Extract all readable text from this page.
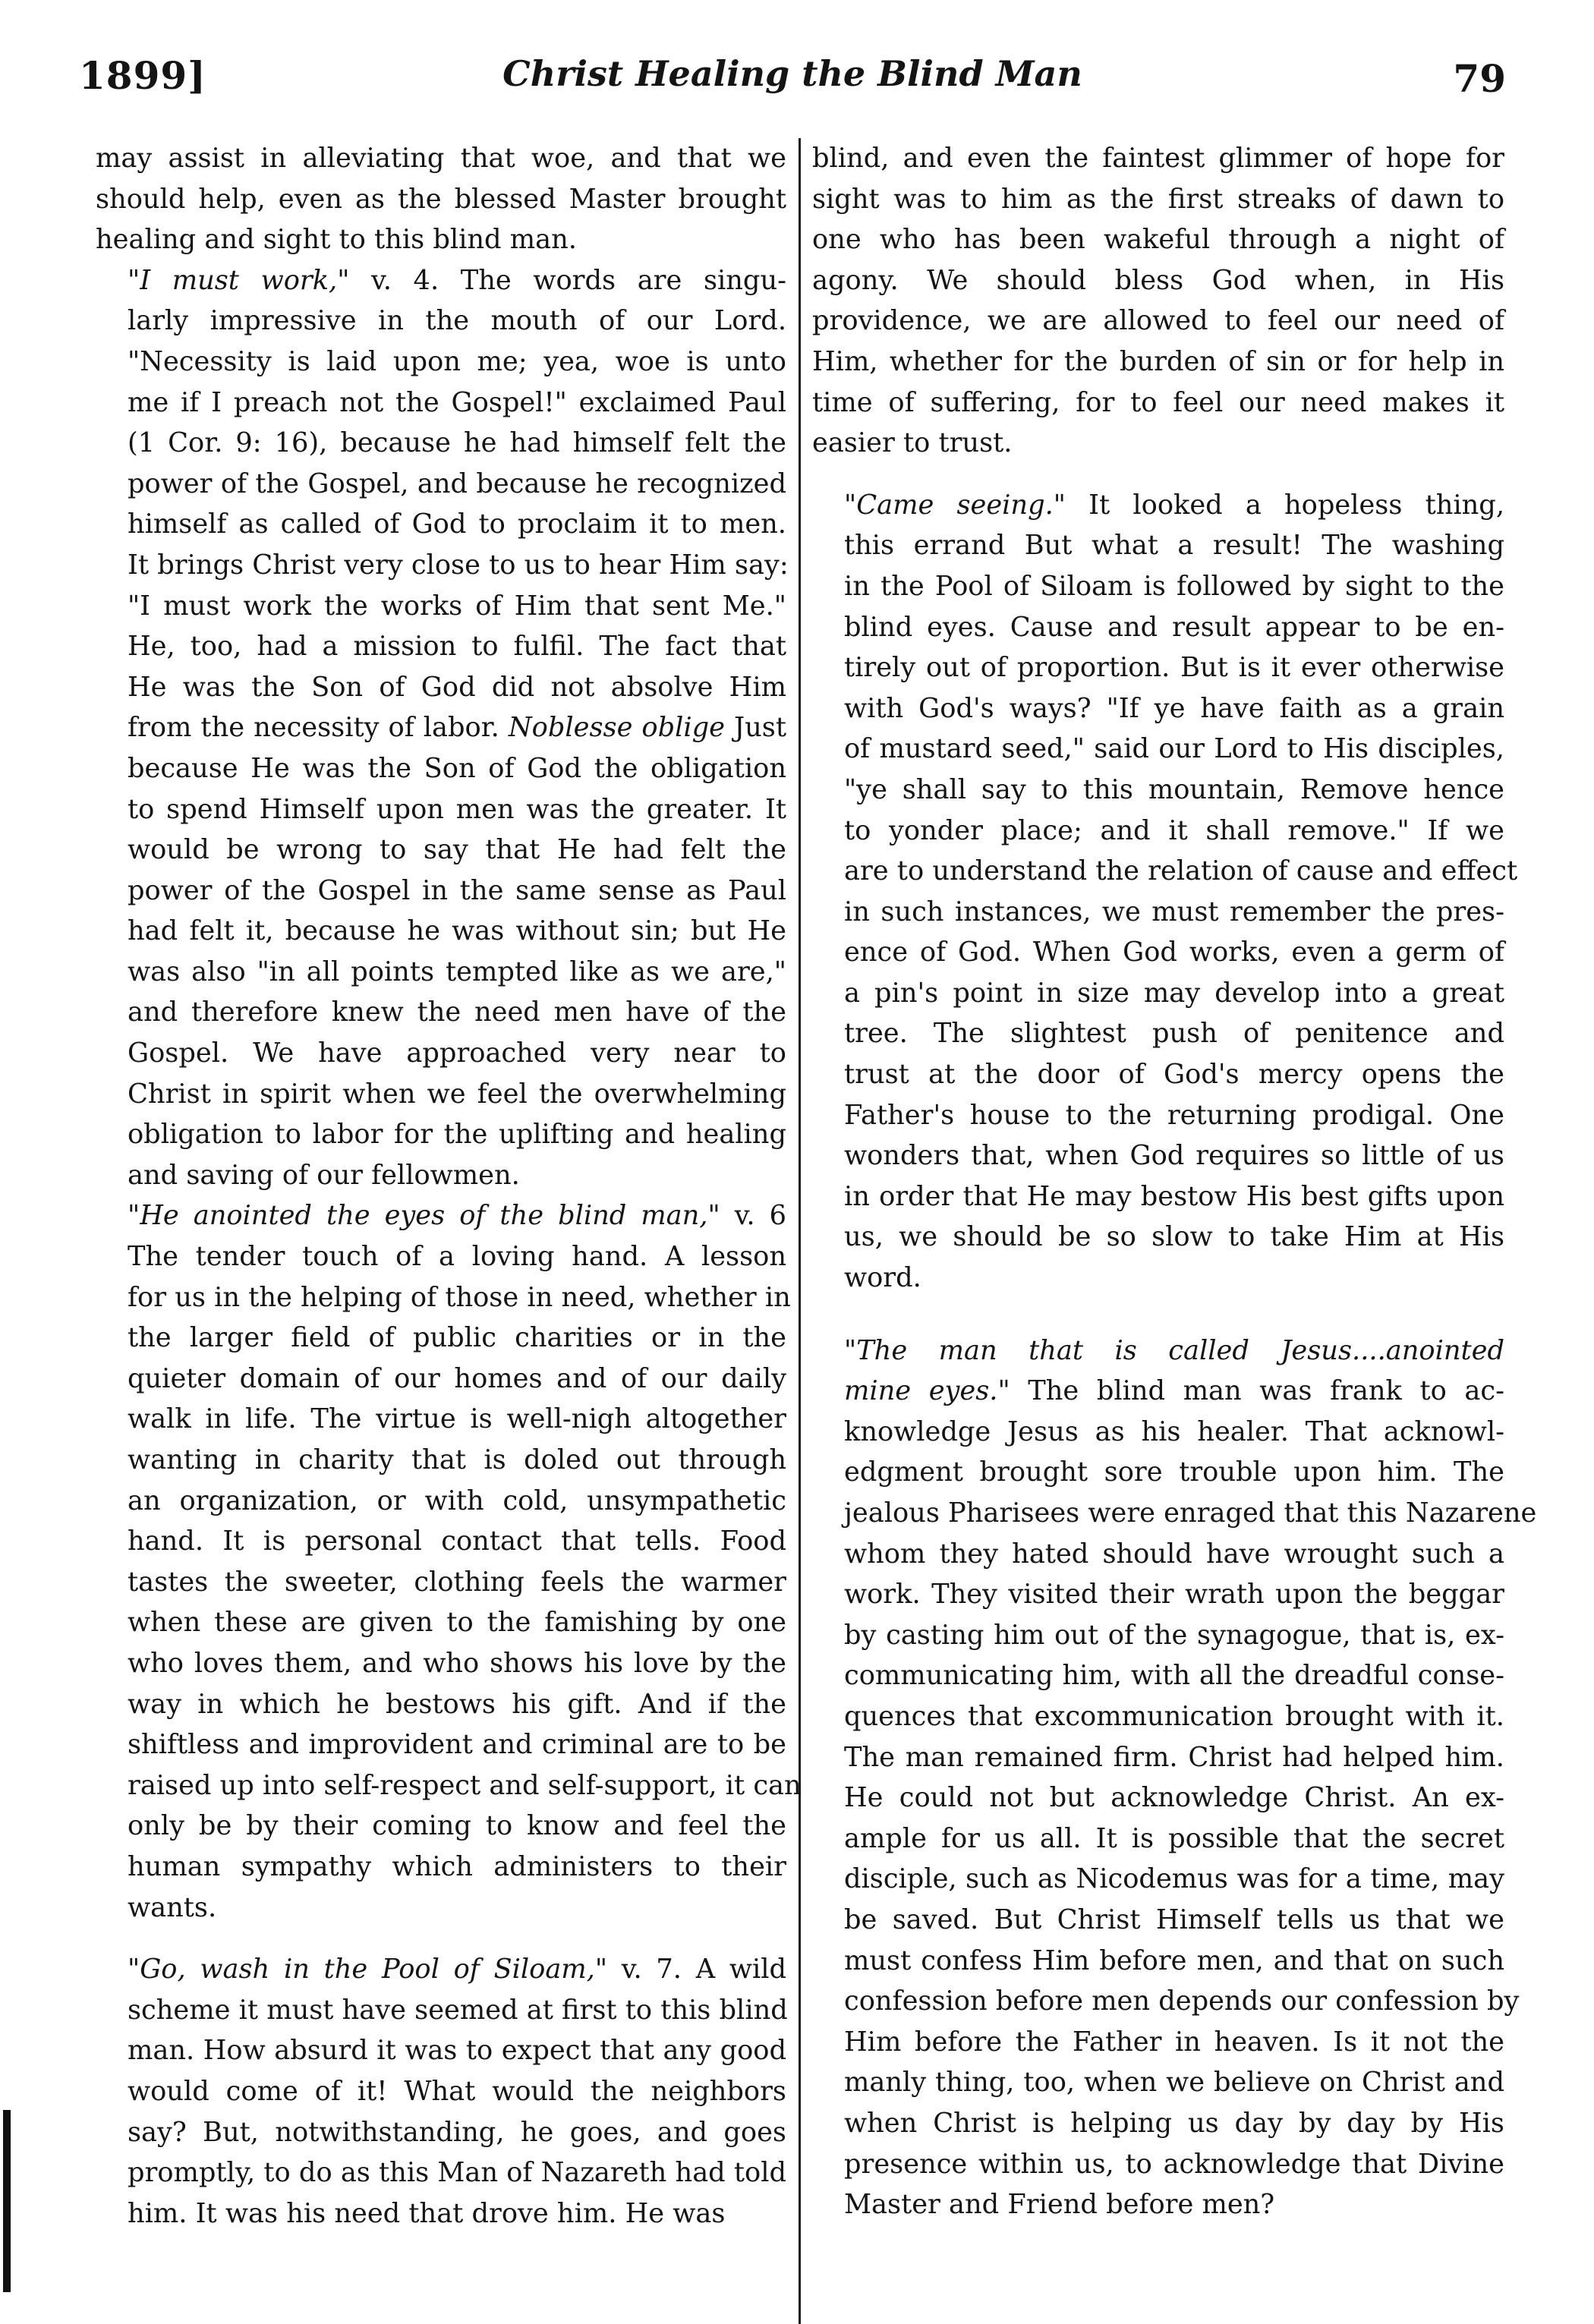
1899]	Christ Healing the Blind Man	79

may assist in alleviating that woe, and that we
should help, even as the blessed Master brought
healing and sight to this blind man.

"I must work," v. 4. The words are singu-
larly impressive in the mouth of our Lord.
"Necessity is laid upon me; yea, woe is unto
me if I preach not the Gospel!" exclaimed Paul
(1 Cor. 9: 16), because he had himself felt the
power of the Gospel, and because he recognized
himself as called of God to proclaim it to men.
It brings Christ very close to us to hear Him say:
"I must work the works of Him that sent Me."
He, too, had a mission to fulfil. The fact that
He was the Son of God did not absolve Him
from the necessity of labor. Noblesse oblige Just
because He was the Son of God the obligation
to spend Himself upon men was the greater. It
would be wrong to say that He had felt the
power of the Gospel in the same sense as Paul
had felt it, because he was without sin; but He
was also "in all points tempted like as we are,"
and therefore knew the need men have of the
Gospel. We have approached very near to
Christ in spirit when we feel the overwhelming
obligation to labor for the uplifting and healing
and saving of our fellowmen.

"He anointed the eyes of the blind man," v. 6
The tender touch of a loving hand. A lesson
for us in the helping of those in need, whether in
the larger field of public charities or in the
quieter domain of our homes and of our daily
walk in life. The virtue is well-nigh altogether
wanting in charity that is doled out through
an organization, or with cold, unsympathetic
hand. It is personal contact that tells. Food
tastes the sweeter, clothing feels the warmer
when these are given to the famishing by one
who loves them, and who shows his love by the
way in which he bestows his gift. And if the
shiftless and improvident and criminal are to be
raised up into self-respect and self-support, it can
only be by their coming to know and feel the
human sympathy which administers to their
wants.

"Go, wash in the Pool of Siloam," v. 7. A wild
scheme it must have seemed at first to this blind
man. How absurd it was to expect that any good
would come of it! What would the neighbors
say? But, notwithstanding, he goes, and goes
promptly, to do as this Man of Nazareth had told
him. It was his need that drove him. He was

blind, and even the faintest glimmer of hope for
sight was to him as the first streaks of dawn to
one who has been wakeful through a night of
agony. We should bless God when, in His
providence, we are allowed to feel our need of
Him, whether for the burden of sin or for help in
time of suffering, for to feel our need makes it
easier to trust.

"Came seeing." It looked a hopeless thing,
this errand But what a result! The washing
in the Pool of Siloam is followed by sight to the
blind eyes. Cause and result appear to be en-
tirely out of proportion. But is it ever otherwise
with God's ways? "If ye have faith as a grain
of mustard seed," said our Lord to His disciples,
"ye shall say to this mountain, Remove hence
to yonder place; and it shall remove." If we
are to understand the relation of cause and effect
in such instances, we must remember the pres-
ence of God. When God works, even a germ of
a pin's point in size may develop into a great
tree. The slightest push of penitence and
trust at the door of God's mercy opens the
Father's house to the returning prodigal. One
wonders that, when God requires so little of us
in order that He may bestow His best gifts upon
us, we should be so slow to take Him at His
word.

"The man that is called Jesus....anointed
mine eyes." The blind man was frank to ac-
knowledge Jesus as his healer. That acknowl-
edgment brought sore trouble upon him. The
jealous Pharisees were enraged that this Nazarene
whom they hated should have wrought such a
work. They visited their wrath upon the beggar
by casting him out of the synagogue, that is, ex-
communicating him, with all the dreadful conse-
quences that excommunication brought with it.
The man remained firm. Christ had helped him.
He could not but acknowledge Christ. An ex-
ample for us all. It is possible that the secret
disciple, such as Nicodemus was for a time, may
be saved. But Christ Himself tells us that we
must confess Him before men, and that on such
confession before men depends our confession by
Him before the Father in heaven. Is it not the
manly thing, too, when we believe on Christ and
when Christ is helping us day by day by His
presence within us, to acknowledge that Divine
Master and Friend before men?
